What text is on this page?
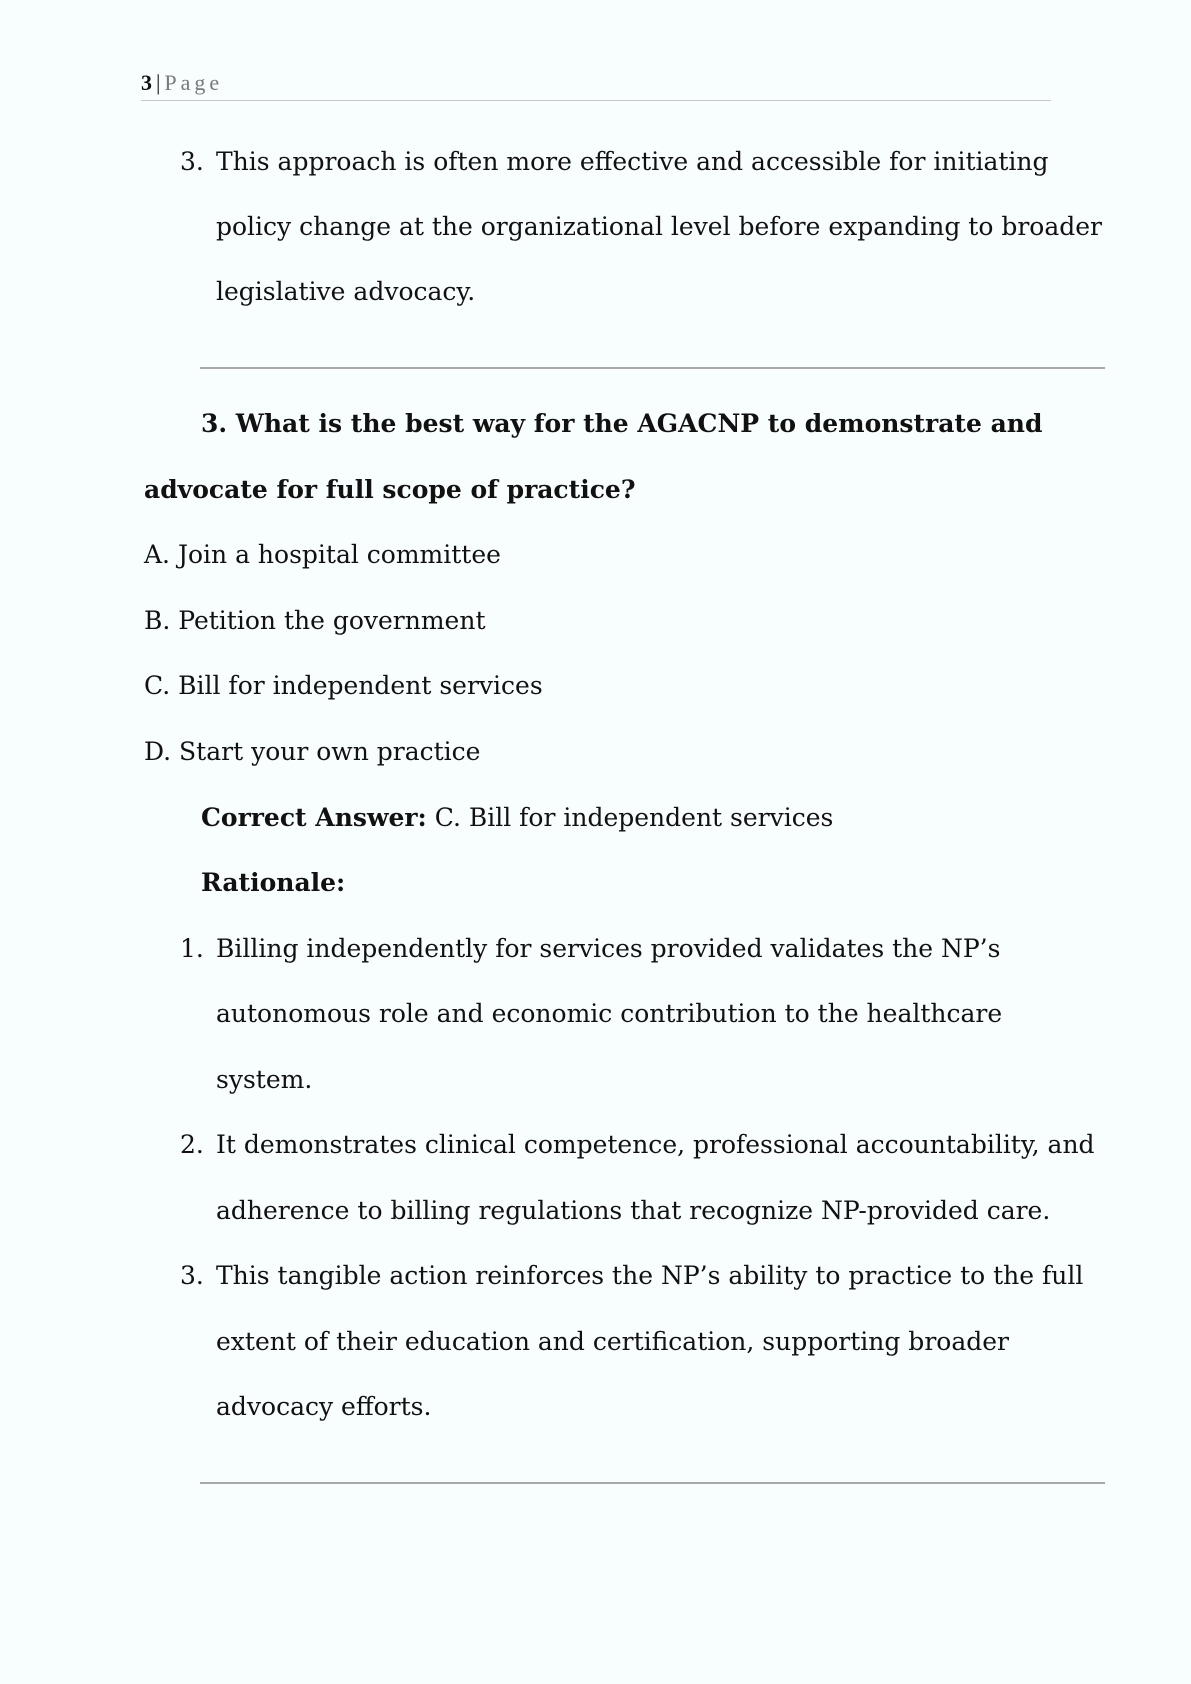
3 | Page
3. This approach is often more effective and accessible for initiating
policy change at the organizational level before expanding to broader
legislative advocacy.
3. What is the best way for the AGACNP to demonstrate and
advocate for full scope of practice?
A. Join a hospital committee
B. Petition the government
C. Bill for independent services
D. Start your own practice
Correct Answer: C. Bill for independent services
Rationale:
1. Billing independently for services provided validates the NP’s
autonomous role and economic contribution to the healthcare
system.
2. It demonstrates clinical competence, professional accountability, and
adherence to billing regulations that recognize NP-provided care.
3. This tangible action reinforces the NP’s ability to practice to the full
extent of their education and certification, supporting broader
advocacy efforts.
